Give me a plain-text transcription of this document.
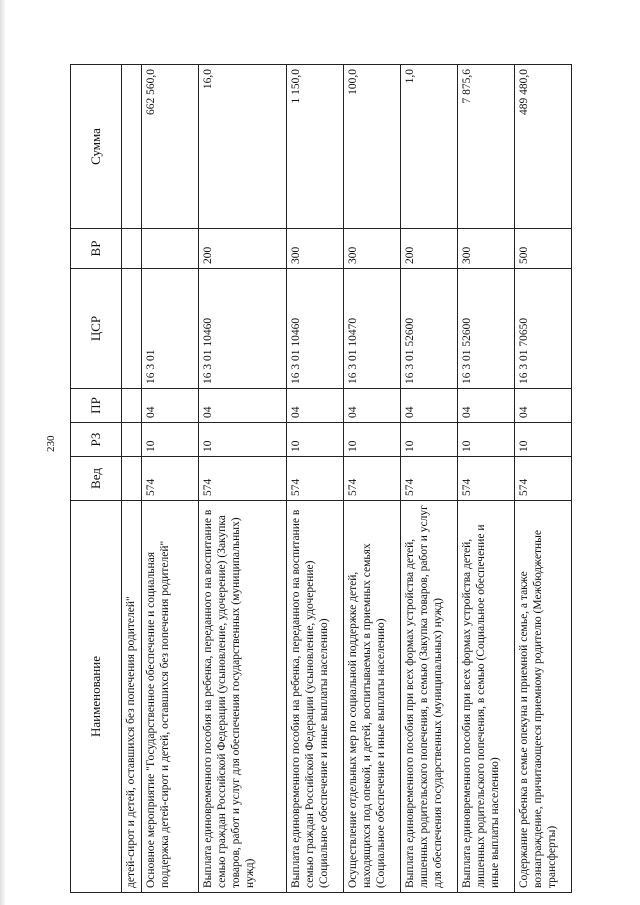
230
Наименование	Вед	РЗ	ПР	ЦСР	ВР	Сумма
детей-сирот и детей, оставшихся без попечения родителей"						
Основное мероприятие "Государственное обеспечение и социальная поддержка детей-сирот и детей, оставшихся без попечения родителей"	574	10	04	16 3 01		662 560,0
Выплата единовременного пособия на ребенка, переданного на воспитание в семью граждан Российской Федерации (усыновление, удочерение) (Закупка товаров, работ и услуг для обеспечения государственных (муниципальных) нужд)	574	10	04	16 3 01 10460	200	16,0
Выплата единовременного пособия на ребенка, переданного на воспитание в семью граждан Российской Федерации (усыновление, удочерение) (Социальное обеспечение и иные выплаты населению)	574	10	04	16 3 01 10460	300	1 150,0
Осуществление отдельных мер по социальной поддержке детей, находящихся под опекой, и детей, воспитываемых в приемных семьях (Социальное обеспечение и иные выплаты населению)	574	10	04	16 3 01 10470	300	100,0
Выплата единовременного пособия при всех формах устройства детей, лишенных родительского попечения, в семью (Закупка товаров, работ и услуг для обеспечения государственных (муниципальных) нужд)	574	10	04	16 3 01 52600	200	1,0
Выплата единовременного пособия при всех формах устройства детей, лишенных родительского попечения, в семью (Социальное обеспечение и иные выплаты населению)	574	10	04	16 3 01 52600	300	7 875,6
Содержание ребенка в семье опекуна и приемной семье, а также вознаграждение, причитающееся приемному родителю (Межбюджетные трансферты)	574	10	04	16 3 01 70650	500	489 480,0
